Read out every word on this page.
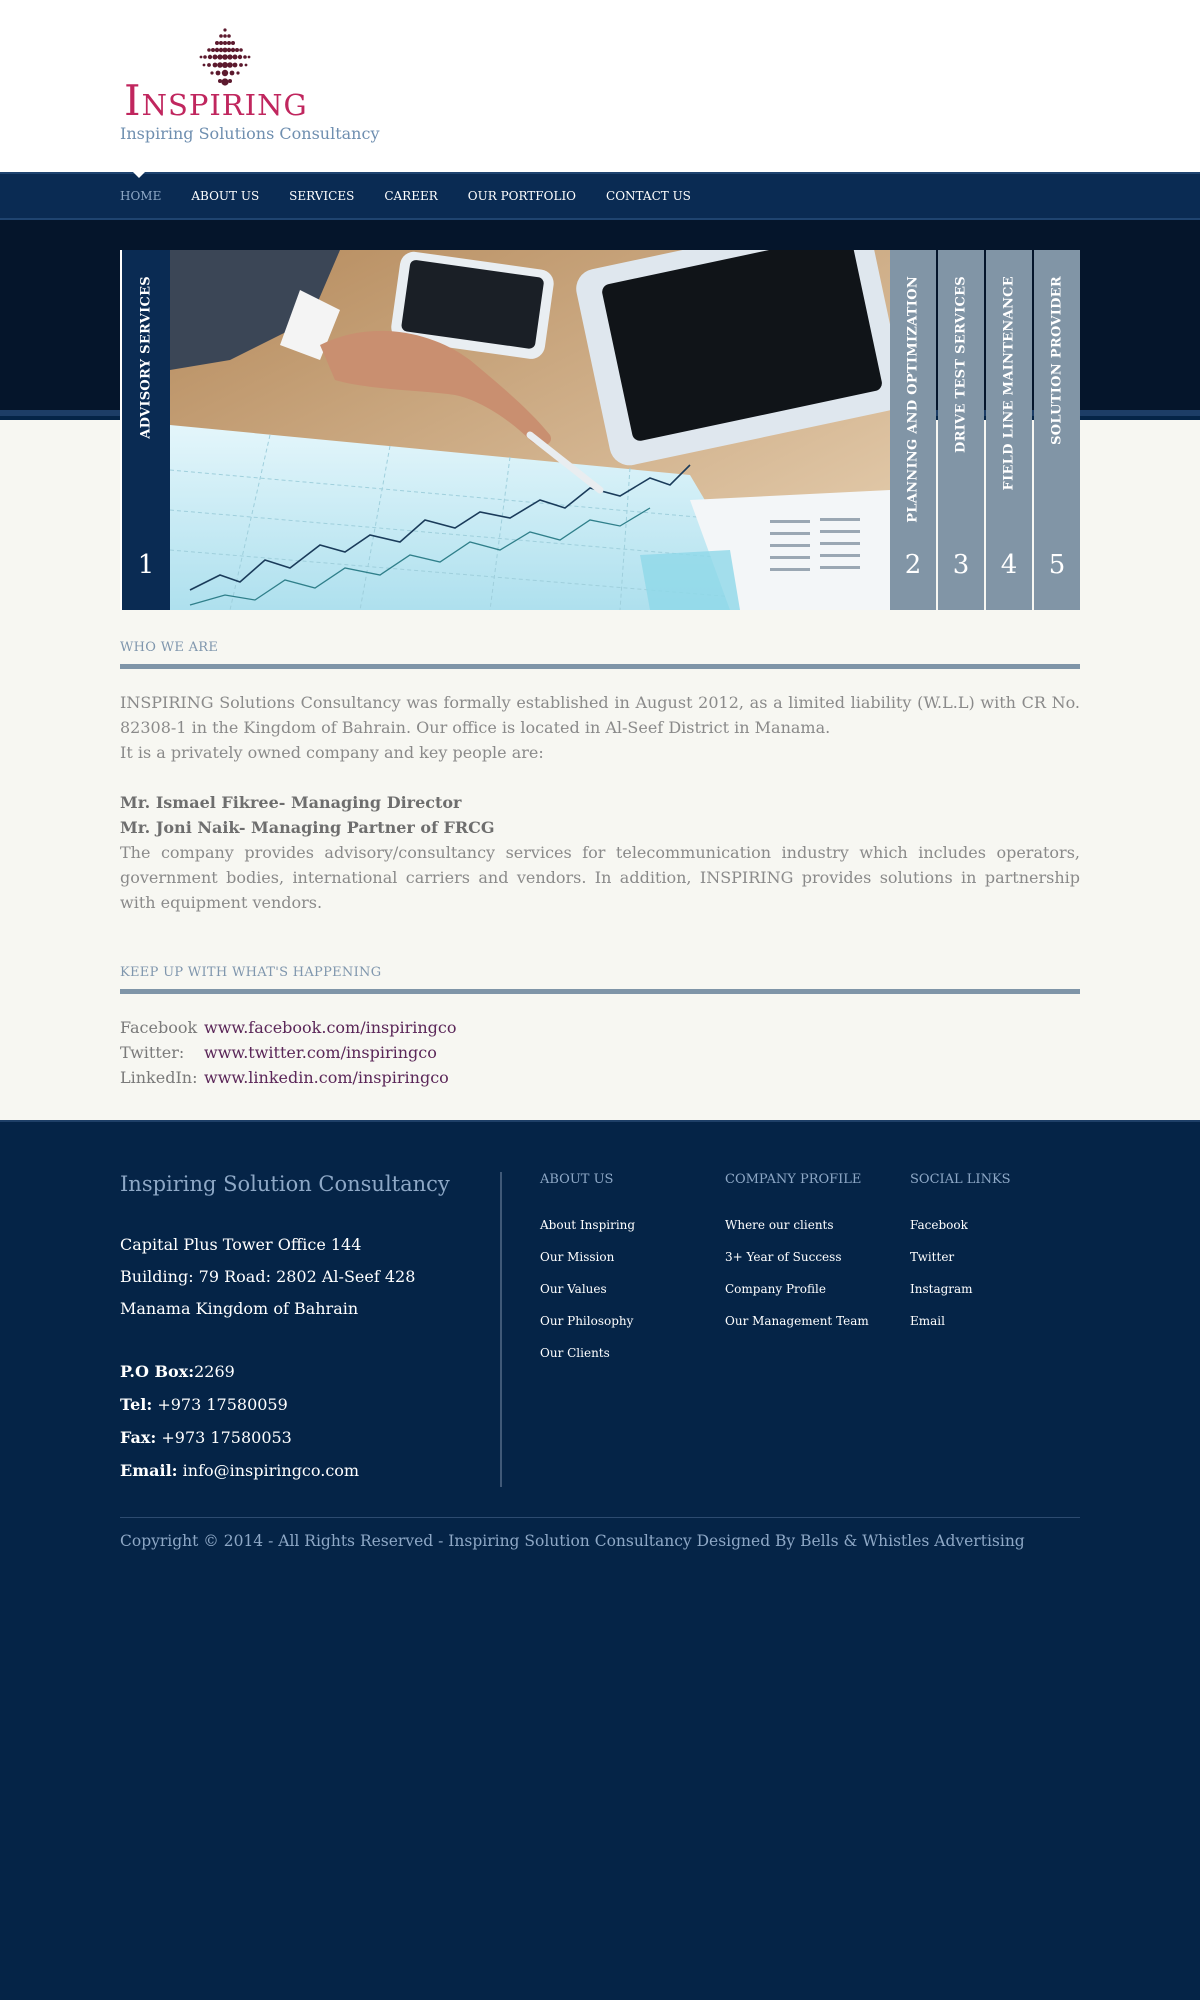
Inspiring
Inspiring Solutions Consultancy
HOME	ABOUT US	SERVICES	CAREER	OUR PORTFOLIO	CONTACT US
ADVISORY SERVICES
1
PLANNING AND OPTIMIZATION
2
DRIVE TEST SERVICES
3
FIELD LINE MAINTENANCE
4
SOLUTION PROVIDER
5
WHO WE ARE
INSPIRING Solutions Consultancy was formally established in August 2012, as a limited liability (W.L.L) with CR No. 82308-1 in the Kingdom of Bahrain. Our office is located in Al-Seef District in Manama.
It is a privately owned company and key people are:
Mr. Ismael Fikree- Managing Director
Mr. Joni Naik- Managing Partner of FRCG
The company provides advisory/consultancy services for telecommunication industry which includes operators, government bodies, international carriers and vendors. In addition, INSPIRING provides solutions in partnership with equipment vendors.
KEEP UP WITH WHAT'S HAPPENING
Facebook www.facebook.com/inspiringco
Twitter: www.twitter.com/inspiringco
LinkedIn: www.linkedin.com/inspiringco
Inspiring Solution Consultancy
Capital Plus Tower Office 144
Building: 79 Road: 2802 Al-Seef 428
Manama Kingdom of Bahrain
P.O Box:2269
Tel: +973 17580059
Fax: +973 17580053
Email: info@inspiringco.com
ABOUT US
About Inspiring
Our Mission
Our Values
Our Philosophy
Our Clients
COMPANY PROFILE
Where our clients
3+ Year of Success
Company Profile
Our Management Team
SOCIAL LINKS
Facebook
Twitter
Instagram
Email
Copyright © 2014 - All Rights Reserved - Inspiring Solution Consultancy Designed By Bells & Whistles Advertising
